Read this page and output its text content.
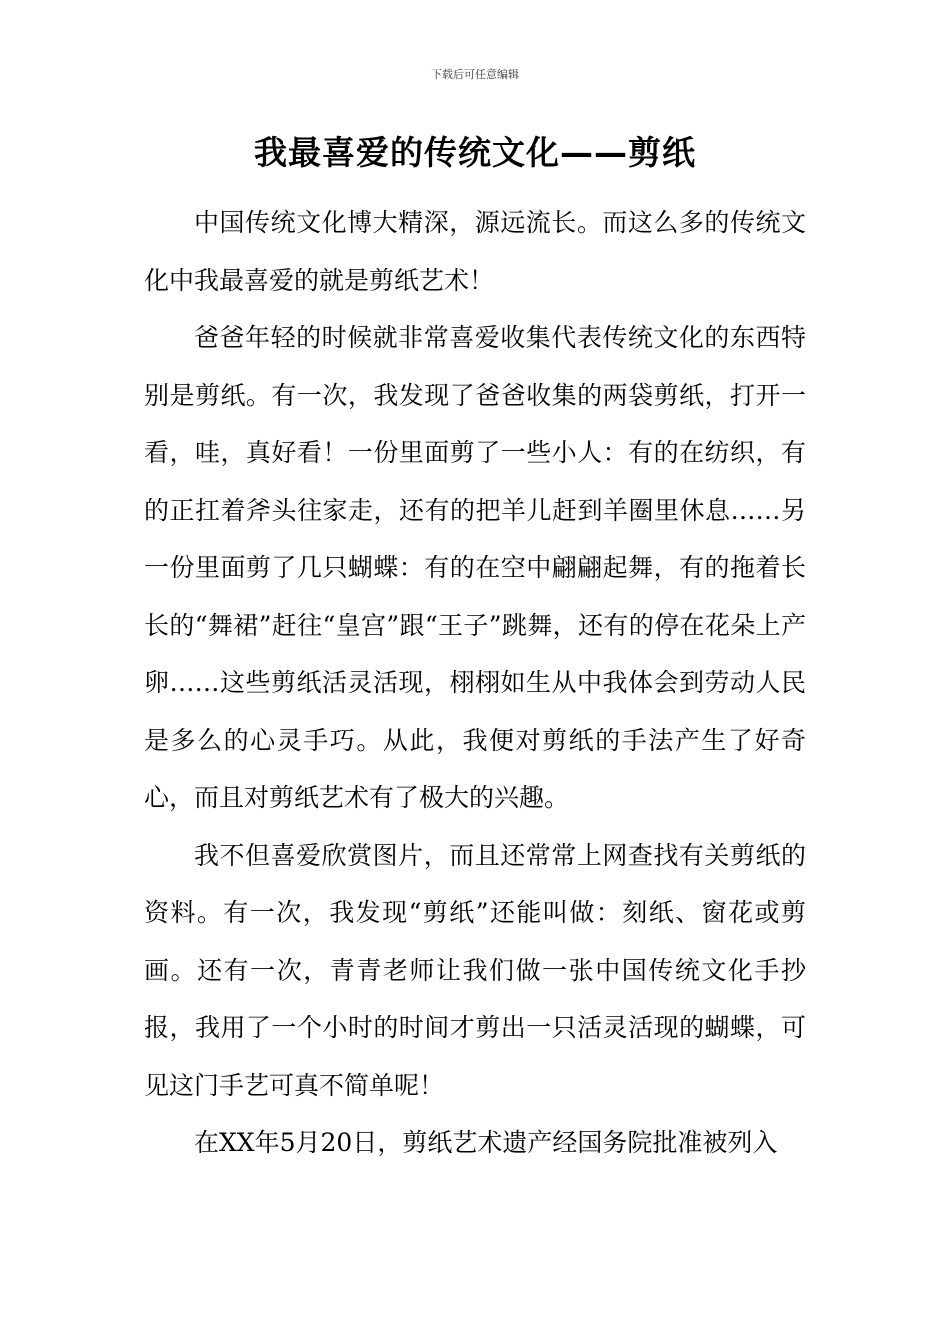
下载后可任意编辑
我最喜爱的传统文化——剪纸

中国传统文化博大精深，源远流长。而这么多的传统文化中我最喜爱的就是剪纸艺术！

爸爸年轻的时候就非常喜爱收集代表传统文化的东西特别是剪纸。有一次，我发现了爸爸收集的两袋剪纸，打开一看，哇，真好看！一份里面剪了一些小人：有的在纺织，有的正扛着斧头往家走，还有的把羊儿赶到羊圈里休息……另一份里面剪了几只蝴蝶：有的在空中翩翩起舞，有的拖着长长的“舞裙”赶往“皇宫”跟“王子”跳舞，还有的停在花朵上产卵……这些剪纸活灵活现，栩栩如生从中我体会到劳动人民是多么的心灵手巧。从此，我便对剪纸的手法产生了好奇心，而且对剪纸艺术有了极大的兴趣。

我不但喜爱欣赏图片，而且还常常上网查找有关剪纸的资料。有一次，我发现“剪纸”还能叫做：刻纸、窗花或剪画。还有一次，青青老师让我们做一张中国传统文化手抄报，我用了一个小时的时间才剪出一只活灵活现的蝴蝶，可见这门手艺可真不简单呢！

在XX年5月20日，剪纸艺术遗产经国务院批准被列入
